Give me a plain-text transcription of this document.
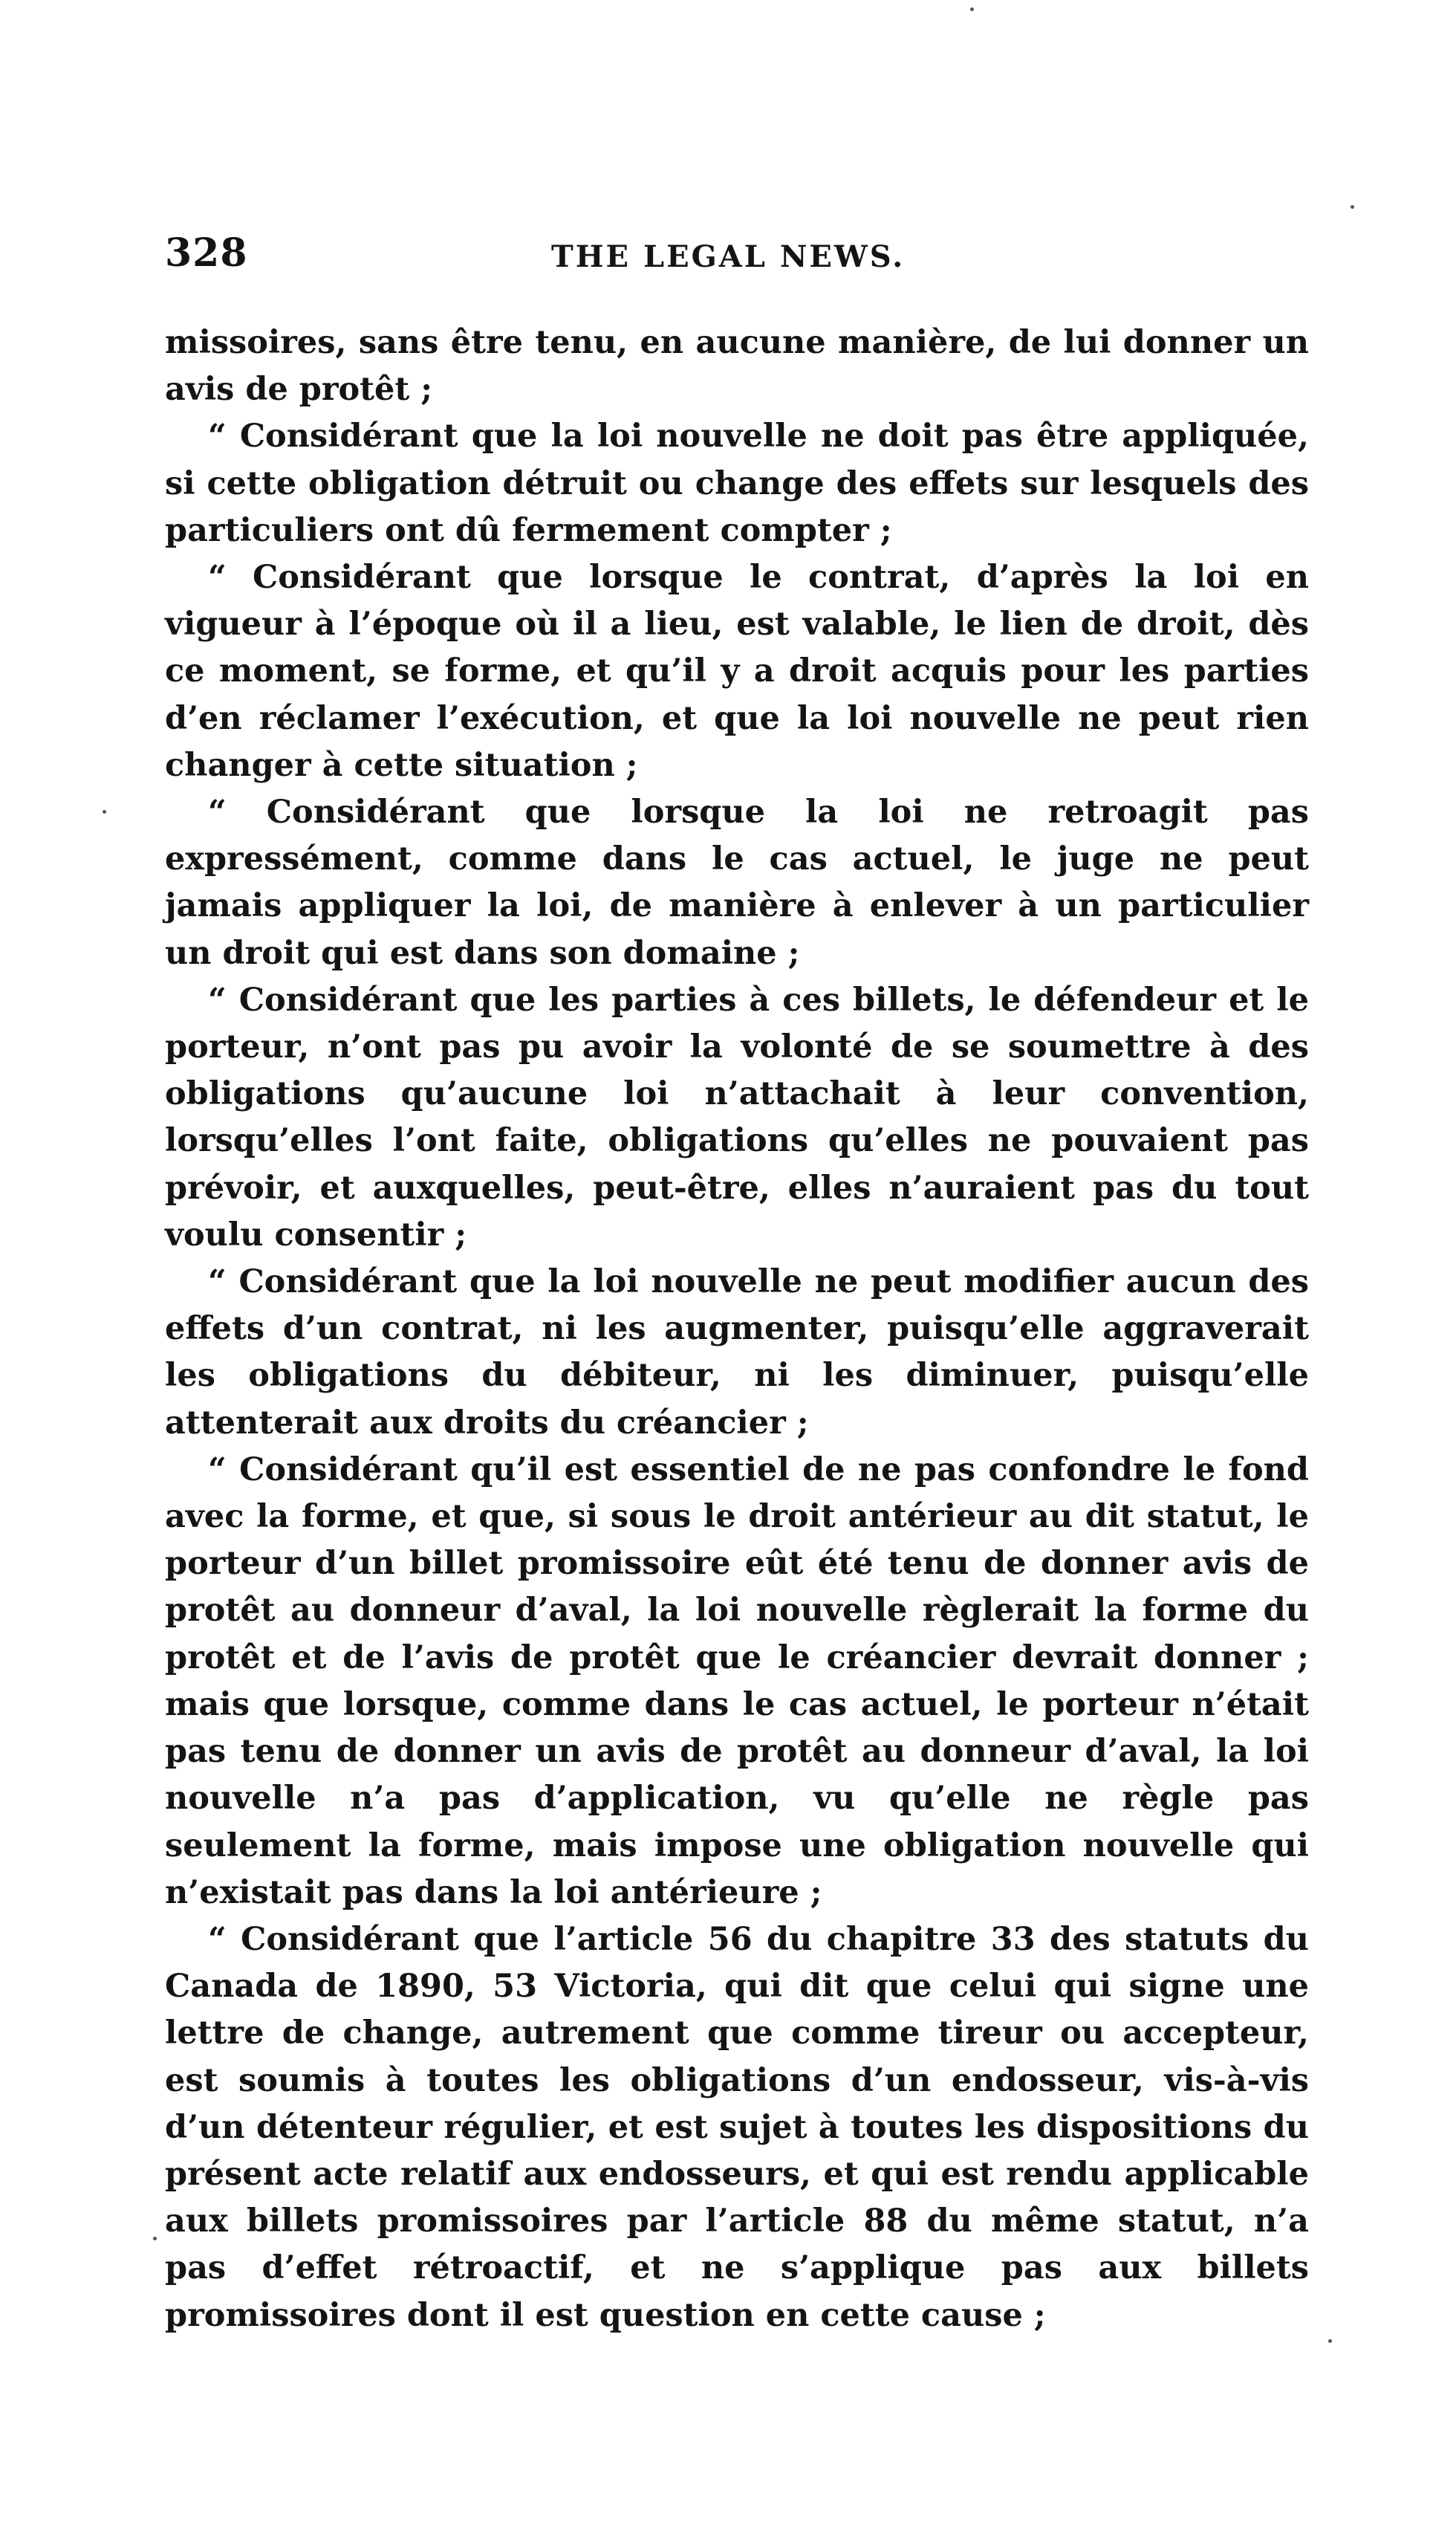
328	THE LEGAL NEWS.

missoires, sans être tenu, en aucune manière, de lui donner un avis de protêt ;

“ Considérant que la loi nouvelle ne doit pas être appliquée, si cette obligation détruit ou change des effets sur lesquels des particuliers ont dû fermement compter ;

“ Considérant que lorsque le contrat, d’après la loi en vigueur à l’époque où il a lieu, est valable, le lien de droit, dès ce moment, se forme, et qu’il y a droit acquis pour les parties d’en réclamer l’exécution, et que la loi nouvelle ne peut rien changer à cette situation ;

“ Considérant que lorsque la loi ne retroagit pas expressément, comme dans le cas actuel, le juge ne peut jamais appliquer la loi, de manière à enlever à un particulier un droit qui est dans son domaine ;

“ Considérant que les parties à ces billets, le défendeur et le porteur, n’ont pas pu avoir la volonté de se soumettre à des obligations qu’aucune loi n’attachait à leur convention, lorsqu’elles l’ont faite, obligations qu’elles ne pouvaient pas prévoir, et auxquelles, peut-être, elles n’auraient pas du tout voulu consentir ;

“ Considérant que la loi nouvelle ne peut modifier aucun des effets d’un contrat, ni les augmenter, puisqu’elle aggraverait les obligations du débiteur, ni les diminuer, puisqu’elle attenterait aux droits du créancier ;

“ Considérant qu’il est essentiel de ne pas confondre le fond avec la forme, et que, si sous le droit antérieur au dit statut, le porteur d’un billet promissoire eût été tenu de donner avis de protêt au donneur d’aval, la loi nouvelle règlerait la forme du protêt et de l’avis de protêt que le créancier devrait donner ; mais que lorsque, comme dans le cas actuel, le porteur n’était pas tenu de donner un avis de protêt au donneur d’aval, la loi nouvelle n’a pas d’application, vu qu’elle ne règle pas seulement la forme, mais impose une obligation nouvelle qui n’existait pas dans la loi antérieure ;

“ Considérant que l’article 56 du chapitre 33 des statuts du Canada de 1890, 53 Victoria, qui dit que celui qui signe une lettre de change, autrement que comme tireur ou accepteur, est soumis à toutes les obligations d’un endosseur, vis-à-vis d’un détenteur régulier, et est sujet à toutes les dispositions du présent acte relatif aux endosseurs, et qui est rendu applicable aux billets promissoires par l’article 88 du même statut, n’a pas d’effet rétroactif, et ne s’applique pas aux billets promissoires dont il est question en cette cause ;
